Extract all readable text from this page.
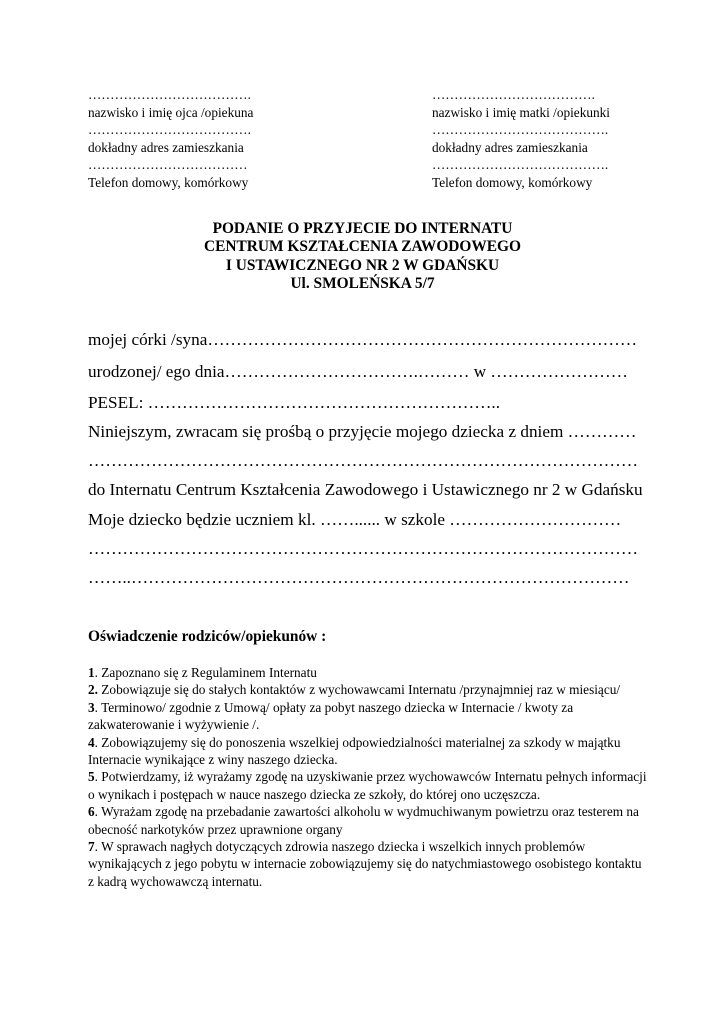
……………………………….
nazwisko i imię ojca /opiekuna
……………………………….
dokładny adres zamieszkania
………………………………
Telefon domowy, komórkowy
……………………………….
nazwisko i imię matki /opiekunki
………………………………….
dokładny adres zamieszkania
………………………………….
Telefon domowy, komórkowy
PODANIE O PRZYJECIE DO INTERNATU
CENTRUM KSZTAŁCENIA ZAWODOWEGO
I USTAWICZNEGO NR 2 W GDAŃSKU
Ul. SMOLEŃSKA 5/7
mojej córki /syna…………………………………………………………………
urodzonej/ ego dnia…………………………….……… w ……………………
PESEL: ……………………………………………………..
Niniejszym, zwracam się prośbą o przyjęcie mojego dziecka z dniem …………
……………………………………………………………………………………
do Internatu Centrum Kształcenia Zawodowego i Ustawicznego nr 2 w Gdańsku
Moje dziecko będzie uczniem kl. ……...... w szkole …………………………
……………………………………………………………………………………
……..……………………………………………………………………………
Oświadczenie rodziców/opiekunów :

1. Zapoznano się z Regulaminem Internatu

2. Zobowiązuje się do stałych kontaktów z wychowawcami Internatu /przynajmniej raz w miesiącu/

3. Terminowo/ zgodnie z Umową/ opłaty za pobyt naszego dziecka w Internacie / kwoty za zakwaterowanie i wyżywienie /.

4. Zobowiązujemy się do ponoszenia wszelkiej odpowiedzialności materialnej za szkody w majątku Internacie wynikające z winy naszego dziecka.

5. Potwierdzamy, iż wyrażamy zgodę na uzyskiwanie przez wychowawców Internatu pełnych informacji o wynikach i postępach w nauce naszego dziecka ze szkoły, do której ono uczęszcza.

6. Wyrażam zgodę na przebadanie zawartości alkoholu w wydmuchiwanym powietrzu oraz testerem na obecność narkotyków przez uprawnione organy

7. W sprawach nagłych dotyczących zdrowia naszego dziecka i wszelkich innych problemów wynikających z jego pobytu w internacie zobowiązujemy się do natychmiastowego osobistego kontaktu z kadrą wychowawczą internatu.
